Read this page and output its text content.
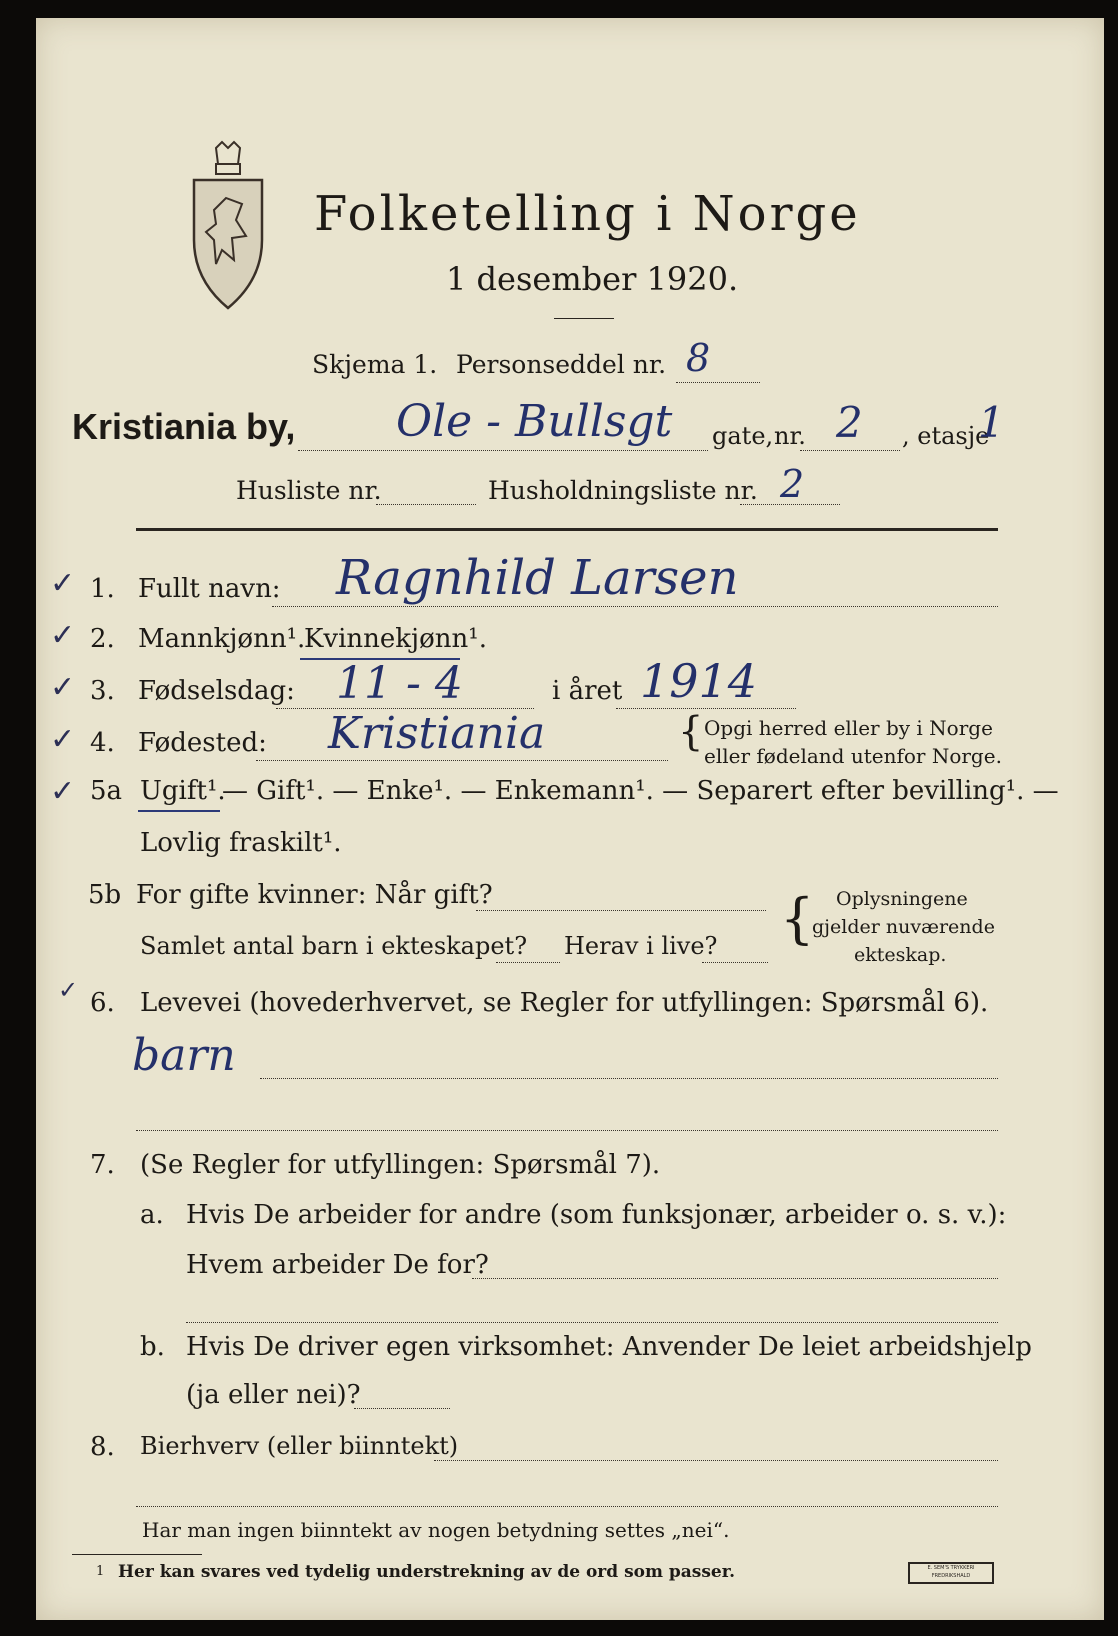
Folketelling i Norge
1 desember 1920.
Skjema 1. Personseddel nr. 8
Kristiania by, Ole - Bullsgt gate, nr. 2 , etasje
1
Husliste nr.	Husholdningsliste nr. 2
✓
✓
✓
✓
✓
✓
1. Fullt navn: Ragnhild Larsen
2. Mannkjønn¹.
Kvinnekjønn¹.
3. Fødselsdag: 11 - 4	i året 1914
4. Fødested: Kristiania	{ Opgi herred eller by i Norge
eller fødeland utenfor Norge.
5a Ugift¹.
— Gift¹. — Enke¹. — Enkemann¹. — Separert efter bevilling¹. —
Lovlig fraskilt¹.
5b For gifte kvinner: Når gift?
Samlet antal barn i ekteskapet? Herav i live? { Oplysningene
gjelder nuværende
ekteskap.
6. Levevei (hovederhvervet, se Regler for utfyllingen: Spørsmål 6).
barn
7. (Se Regler for utfyllingen: Spørsmål 7).
a. Hvis De arbeider for andre (som funksjonær, arbeider o. s. v.):
Hvem arbeider De for?
b. Hvis De driver egen virksomhet: Anvender De leiet arbeidshjelp
(ja eller nei)?
8. Bierhverv (eller biinntekt)
Har man ingen biinntekt av nogen betydning settes „nei“.
1 Her kan svares ved tydelig understrekning av de ord som passer.	E. SEM'S TRYKKERI FREDRIKSHALD
